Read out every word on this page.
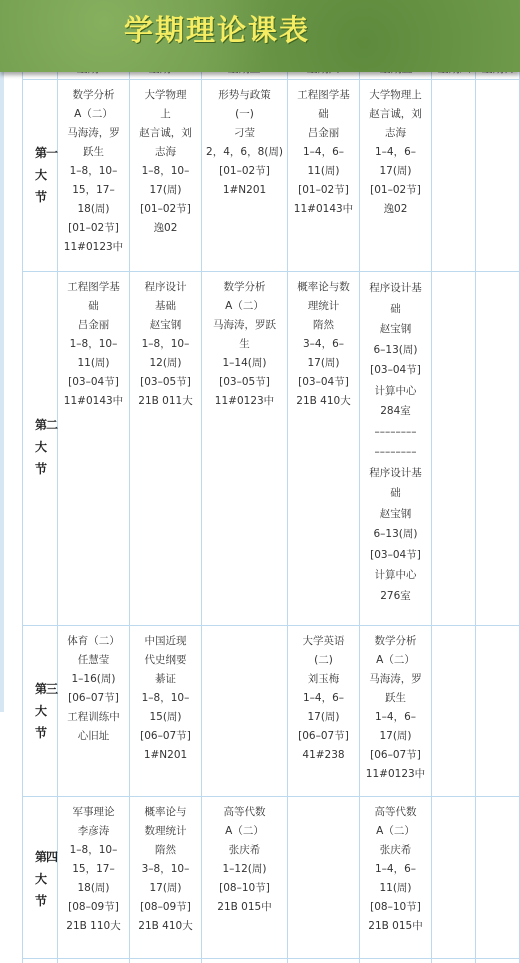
第 一
大
节
第 二
大
节
第 三
大
节
第 四
大
节
数学分析
A（二）
马海涛，罗
跃生
1–8，10–
15，17–
18(周)
[01–02节]
11#0123中
大学物理
上
赵言诚，刘
志海
1–8，10–
17(周)
[01–02节]
逸02
形势与政策
(一)
刁莹
2，4，6，8(周)
[01–02节]
1#N201
工程图学基
础
吕金丽
1–4，6–
11(周)
[01–02节]
11#0143中
大学物理上
赵言诚，刘
志海
1–4，6–
17(周)
[01–02节]
逸02
工程图学基
础
吕金丽
1–8，10–
11(周)
[03–04节]
11#0143中
程序设计
基础
赵宝钢
1–8，10–
12(周)
[03–05节]
21B 011大
数学分析
A（二）
马海涛，罗跃
生
1–14(周)
[03–05节]
11#0123中
概率论与数
理统计
隋然
3–4，6–
17(周)
[03–04节]
21B 410大
程序设计基
础
赵宝钢
6–13(周)
[03–04节]
计算中心
284室
––––––––
––––––––
程序设计基
础
赵宝钢
6–13(周)
[03–04节]
计算中心
276室
体育（二）
任慧莹
1–16(周)
[06–07节]
工程训练中
心旧址
中国近现
代史纲要
綦证
1–8，10–
15(周)
[06–07节]
1#N201
大学英语
(二)
刘玉梅
1–4，6–
17(周)
[06–07节]
41#238
数学分析
A（二）
马海涛，罗
跃生
1–4，6–
17(周)
[06–07节]
11#0123中
军事理论
李彦涛
1–8，10–
15，17–
18(周)
[08–09节]
21B 110大
概率论与
数理统计
隋然
3–8，10–
17(周)
[08–09节]
21B 410大
高等代数
A（二）
张庆希
1–12(周)
[08–10节]
21B 015中
高等代数
A（二）
张庆希
1–4，6–
11(周)
[08–10节]
21B 015中
学期理论课表
